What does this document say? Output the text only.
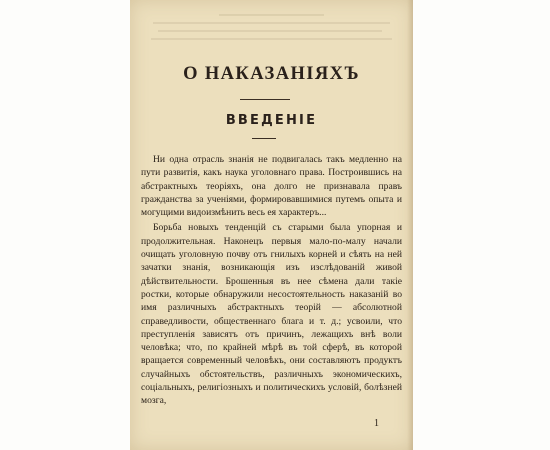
О НАКАЗАНІЯХЪ
ВВЕДЕНІЕ

Ни одна отрасль знанія не подвигалась такъ медленно на пути развитія, какъ наука уголовнаго права. Построившись на абстрактныхъ теоріяхъ, она долго не признавала правъ гражданства за ученіями, формировавшимися путемъ опыта и могущими видоизмѣнить весь ея характеръ...

Борьба новыхъ тенденцій съ старыми была упорная и продолжительная. Наконецъ первыя мало-по-малу начали очищать уголовную почву отъ гнилыхъ корней и сѣять на ней зачатки знанія, возникающія изъ изслѣдованій живой дѣйствительности. Брошенныя въ нее сѣмена дали такіе ростки, которые обнаружили несостоятельность наказаній во имя различныхъ абстрактныхъ теорій — абсолютной справедливости, общественнаго блага и т. д.; усвоили, что преступленія зависятъ отъ причинъ, лежащихъ внѣ воли человѣка; что, по крайней мѣрѣ въ той сферѣ, въ которой вращается современный человѣкъ, они составляютъ продуктъ случайныхъ обстоятельствъ, различныхъ экономическихъ, соціальныхъ, религіозныхъ и политическихъ условій, болѣзней мозга,

1
